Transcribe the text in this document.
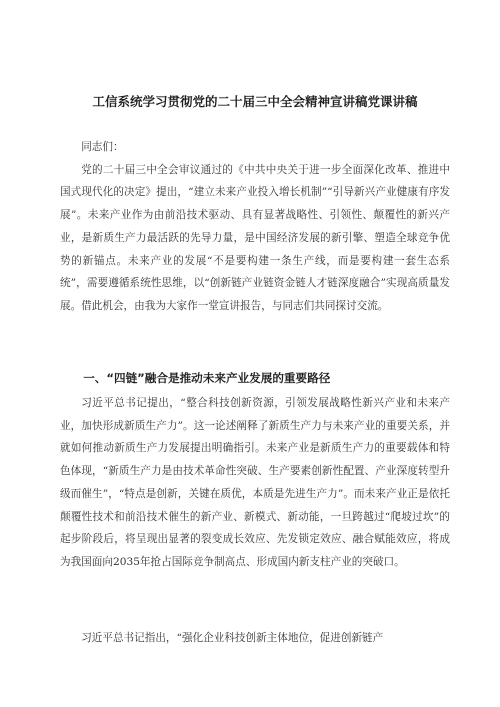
工信系统学习贯彻党的二十届三中全会精神宣讲稿党课讲稿

同志们：

党的二十届三中全会审议通过的《中共中央关于进一步全面深化改革、推进中国式现代化的决定》提出，“建立未来产业投入增长机制”“引导新兴产业健康有序发展”。未来产业作为由前沿技术驱动、具有显著战略性、引领性、颠覆性的新兴产业，是新质生产力最活跃的先导力量，是中国经济发展的新引擎、塑造全球竞争优势的新锚点。未来产业的发展“不是要构建一条生产线，而是要构建一套生态系统”，需要遵循系统性思维，以“创新链产业链资金链人才链深度融合”实现高质量发展。借此机会，由我为大家作一堂宣讲报告，与同志们共同探讨交流。

一、“四链”融合是推动未来产业发展的重要路径

习近平总书记提出，“整合科技创新资源，引领发展战略性新兴产业和未来产业，加快形成新质生产力”。这一论述阐释了新质生产力与未来产业的重要关系，并就如何推动新质生产力发展提出明确指引。未来产业是新质生产力的重要载体和特色体现，“新质生产力是由技术革命性突破、生产要素创新性配置、产业深度转型升级而催生”，“特点是创新，关键在质优，本质是先进生产力”。而未来产业正是依托颠覆性技术和前沿技术催生的新产业、新模式、新动能，一旦跨越过“爬坡过坎”的起步阶段后，将呈现出显著的裂变成长效应、先发锁定效应、融合赋能效应，将成为我国面向2035年抢占国际竞争制高点、形成国内新支柱产业的突破口。

习近平总书记指出，“强化企业科技创新主体地位，促进创新链产
